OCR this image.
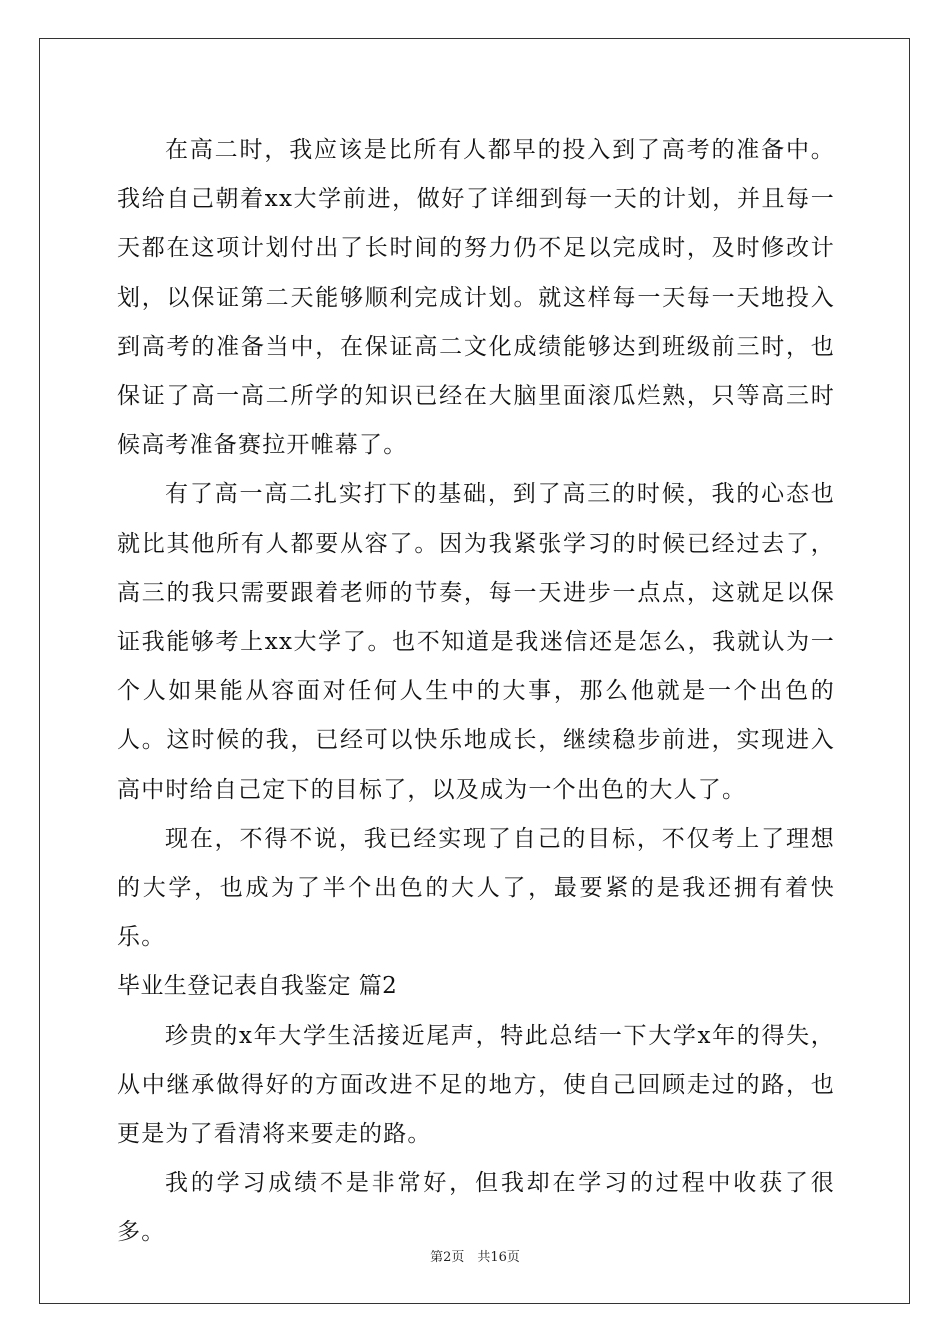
在高二时，我应该是比所有人都早的投入到了高考的准备中。我给自己朝着xx大学前进，做好了详细到每一天的计划，并且每一天都在这项计划付出了长时间的努力仍不足以完成时，及时修改计划，以保证第二天能够顺利完成计划。就这样每一天每一天地投入到高考的准备当中，在保证高二文化成绩能够达到班级前三时，也保证了高一高二所学的知识已经在大脑里面滚瓜烂熟，只等高三时候高考准备赛拉开帷幕了。

有了高一高二扎实打下的基础，到了高三的时候，我的心态也就比其他所有人都要从容了。因为我紧张学习的时候已经过去了，高三的我只需要跟着老师的节奏，每一天进步一点点，这就足以保证我能够考上xx大学了。也不知道是我迷信还是怎么，我就认为一个人如果能从容面对任何人生中的大事，那么他就是一个出色的人。这时候的我，已经可以快乐地成长，继续稳步前进，实现进入高中时给自己定下的目标了，以及成为一个出色的大人了。

现在，不得不说，我已经实现了自己的目标，不仅考上了理想的大学，也成为了半个出色的大人了，最要紧的是我还拥有着快乐。

毕业生登记表自我鉴定 篇2

珍贵的x年大学生活接近尾声，特此总结一下大学x年的得失，从中继承做得好的方面改进不足的地方，使自己回顾走过的路，也更是为了看清将来要走的路。

我的学习成绩不是非常好，但我却在学习的过程中收获了很多。

第2页　共16页
